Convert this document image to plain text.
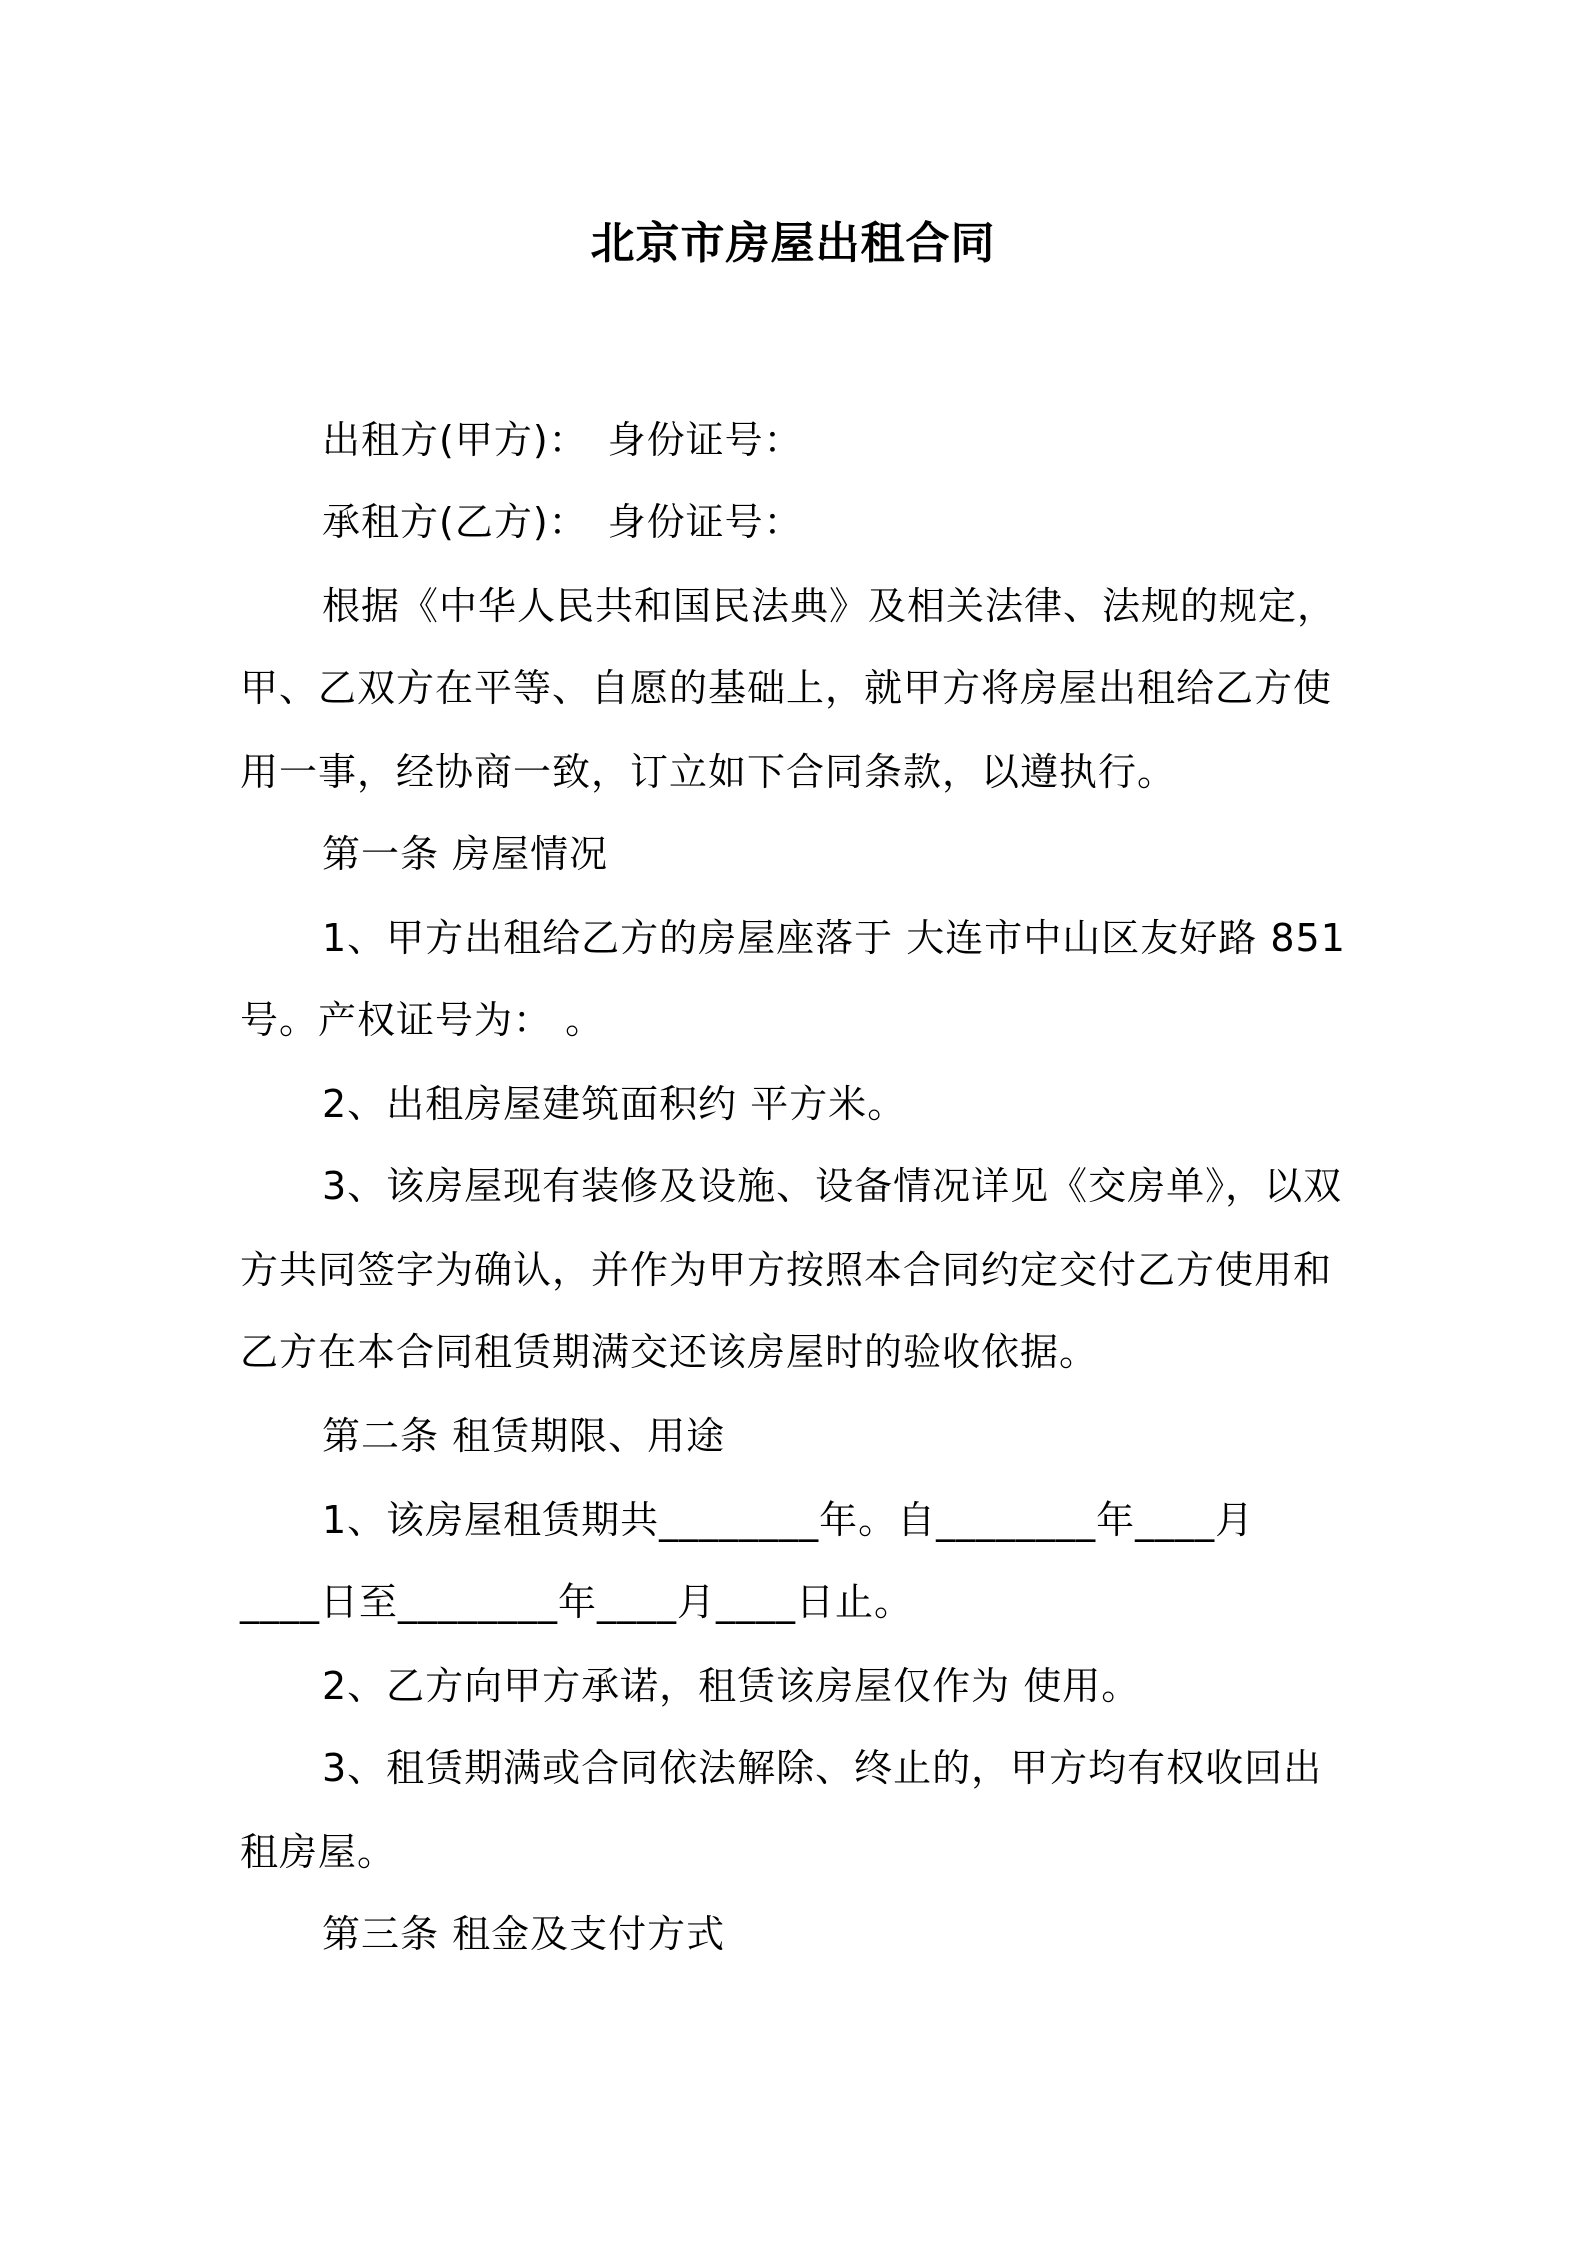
北京市房屋出租合同
出租方(甲方)： 身份证号：
承租方(乙方)： 身份证号：
根据《中华人民共和国民法典》及相关法律、法规的规定，
甲、乙双方在平等、自愿的基础上，就甲方将房屋出租给乙方使
用一事，经协商一致，订立如下合同条款，以遵执行。
第一条 房屋情况
1、甲方出租给乙方的房屋座落于 大连市中山区友好路 851
号。产权证号为： 。
2、出租房屋建筑面积约 平方米。
3、该房屋现有装修及设施、设备情况详见《交房单》，以双
方共同签字为确认，并作为甲方按照本合同约定交付乙方使用和
乙方在本合同租赁期满交还该房屋时的验收依据。
第二条 租赁期限、用途
1、该房屋租赁期共________年。自________年____月
____日至________年____月____日止。
2、乙方向甲方承诺，租赁该房屋仅作为 使用。
3、租赁期满或合同依法解除、终止的，甲方均有权收回出
租房屋。
第三条 租金及支付方式
